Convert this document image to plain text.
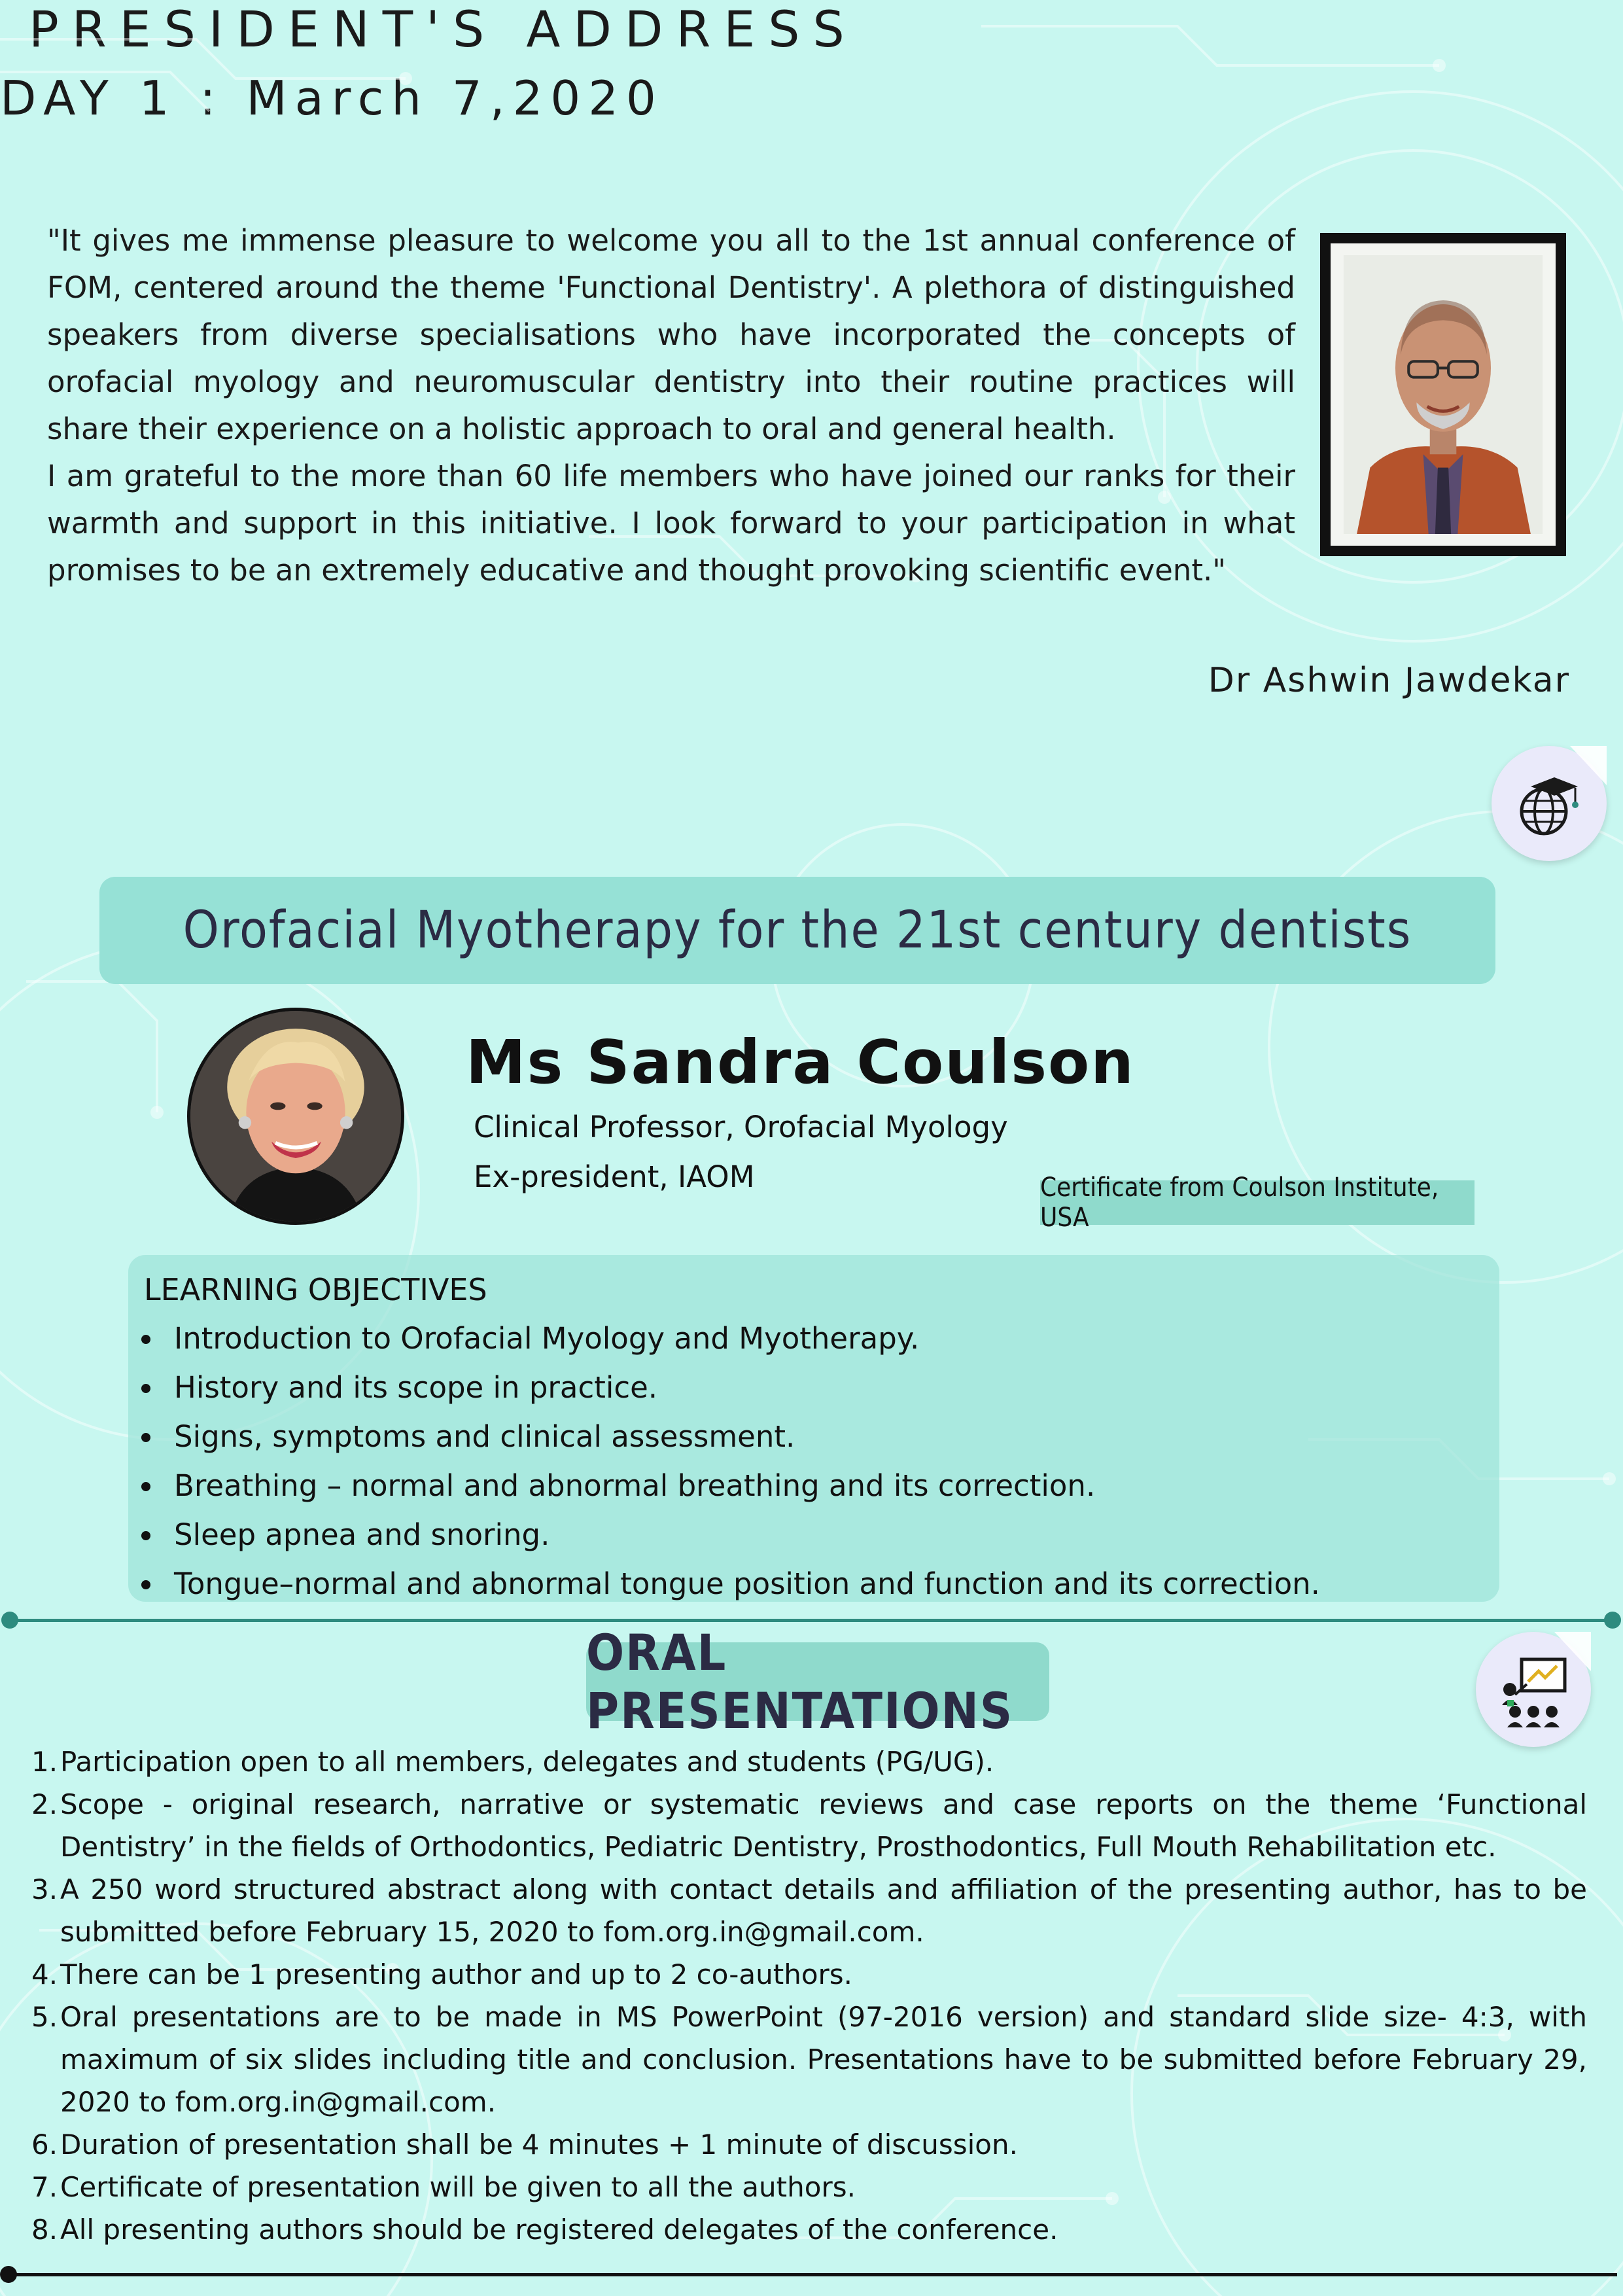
PRESIDENT'S ADDRESS

"It gives me immense pleasure to welcome you all to the 1st annual conference of FOM, centered around the theme 'Functional Dentistry'. A plethora of distinguished speakers from diverse specialisations who have incorporated the concepts of orofacial myology and neuromuscular dentistry into their routine practices will share their experience on a holistic approach to oral and general health.

I am grateful to the more than 60 life members who have joined our ranks for their warmth and support in this initiative. I look forward to your participation in what promises to be an extremely educative and thought provoking scientific event."

Dr Ashwin Jawdekar
DAY 1 : March 7,2020
Orofacial Myotherapy for the 21st century dentists
Ms Sandra Coulson
Clinical Professor, Orofacial Myology
Ex-president, IAOM	Certificate from Coulson Institute, USA
LEARNING OBJECTIVES
Introduction to Orofacial Myology and Myotherapy.
History and its scope in practice.
Signs, symptoms and clinical assessment.
Breathing – normal and abnormal breathing and its correction.
Sleep apnea and snoring.
Tongue–normal and abnormal tongue position and function and its correction.
ORAL PRESENTATIONS
1. Participation open to all members, delegates and students (PG/UG).
2. Scope - original research, narrative or systematic reviews and case reports on the theme ‘Functional Dentistry’ in the fields of Orthodontics, Pediatric Dentistry, Prosthodontics, Full Mouth Rehabilitation etc.
3. A 250 word structured abstract along with contact details and affiliation of the presenting author, has to be submitted before February 15, 2020 to fom.org.in@gmail.com.
4. There can be 1 presenting author and up to 2 co-authors.
5. Oral presentations are to be made in MS PowerPoint (97-2016 version) and standard slide size- 4:3, with maximum of six slides including title and conclusion. Presentations have to be submitted before February 29, 2020 to fom.org.in@gmail.com.
6. Duration of presentation shall be 4 minutes + 1 minute of discussion.
7. Certificate of presentation will be given to all the authors.
8. All presenting authors should be registered delegates of the conference.
